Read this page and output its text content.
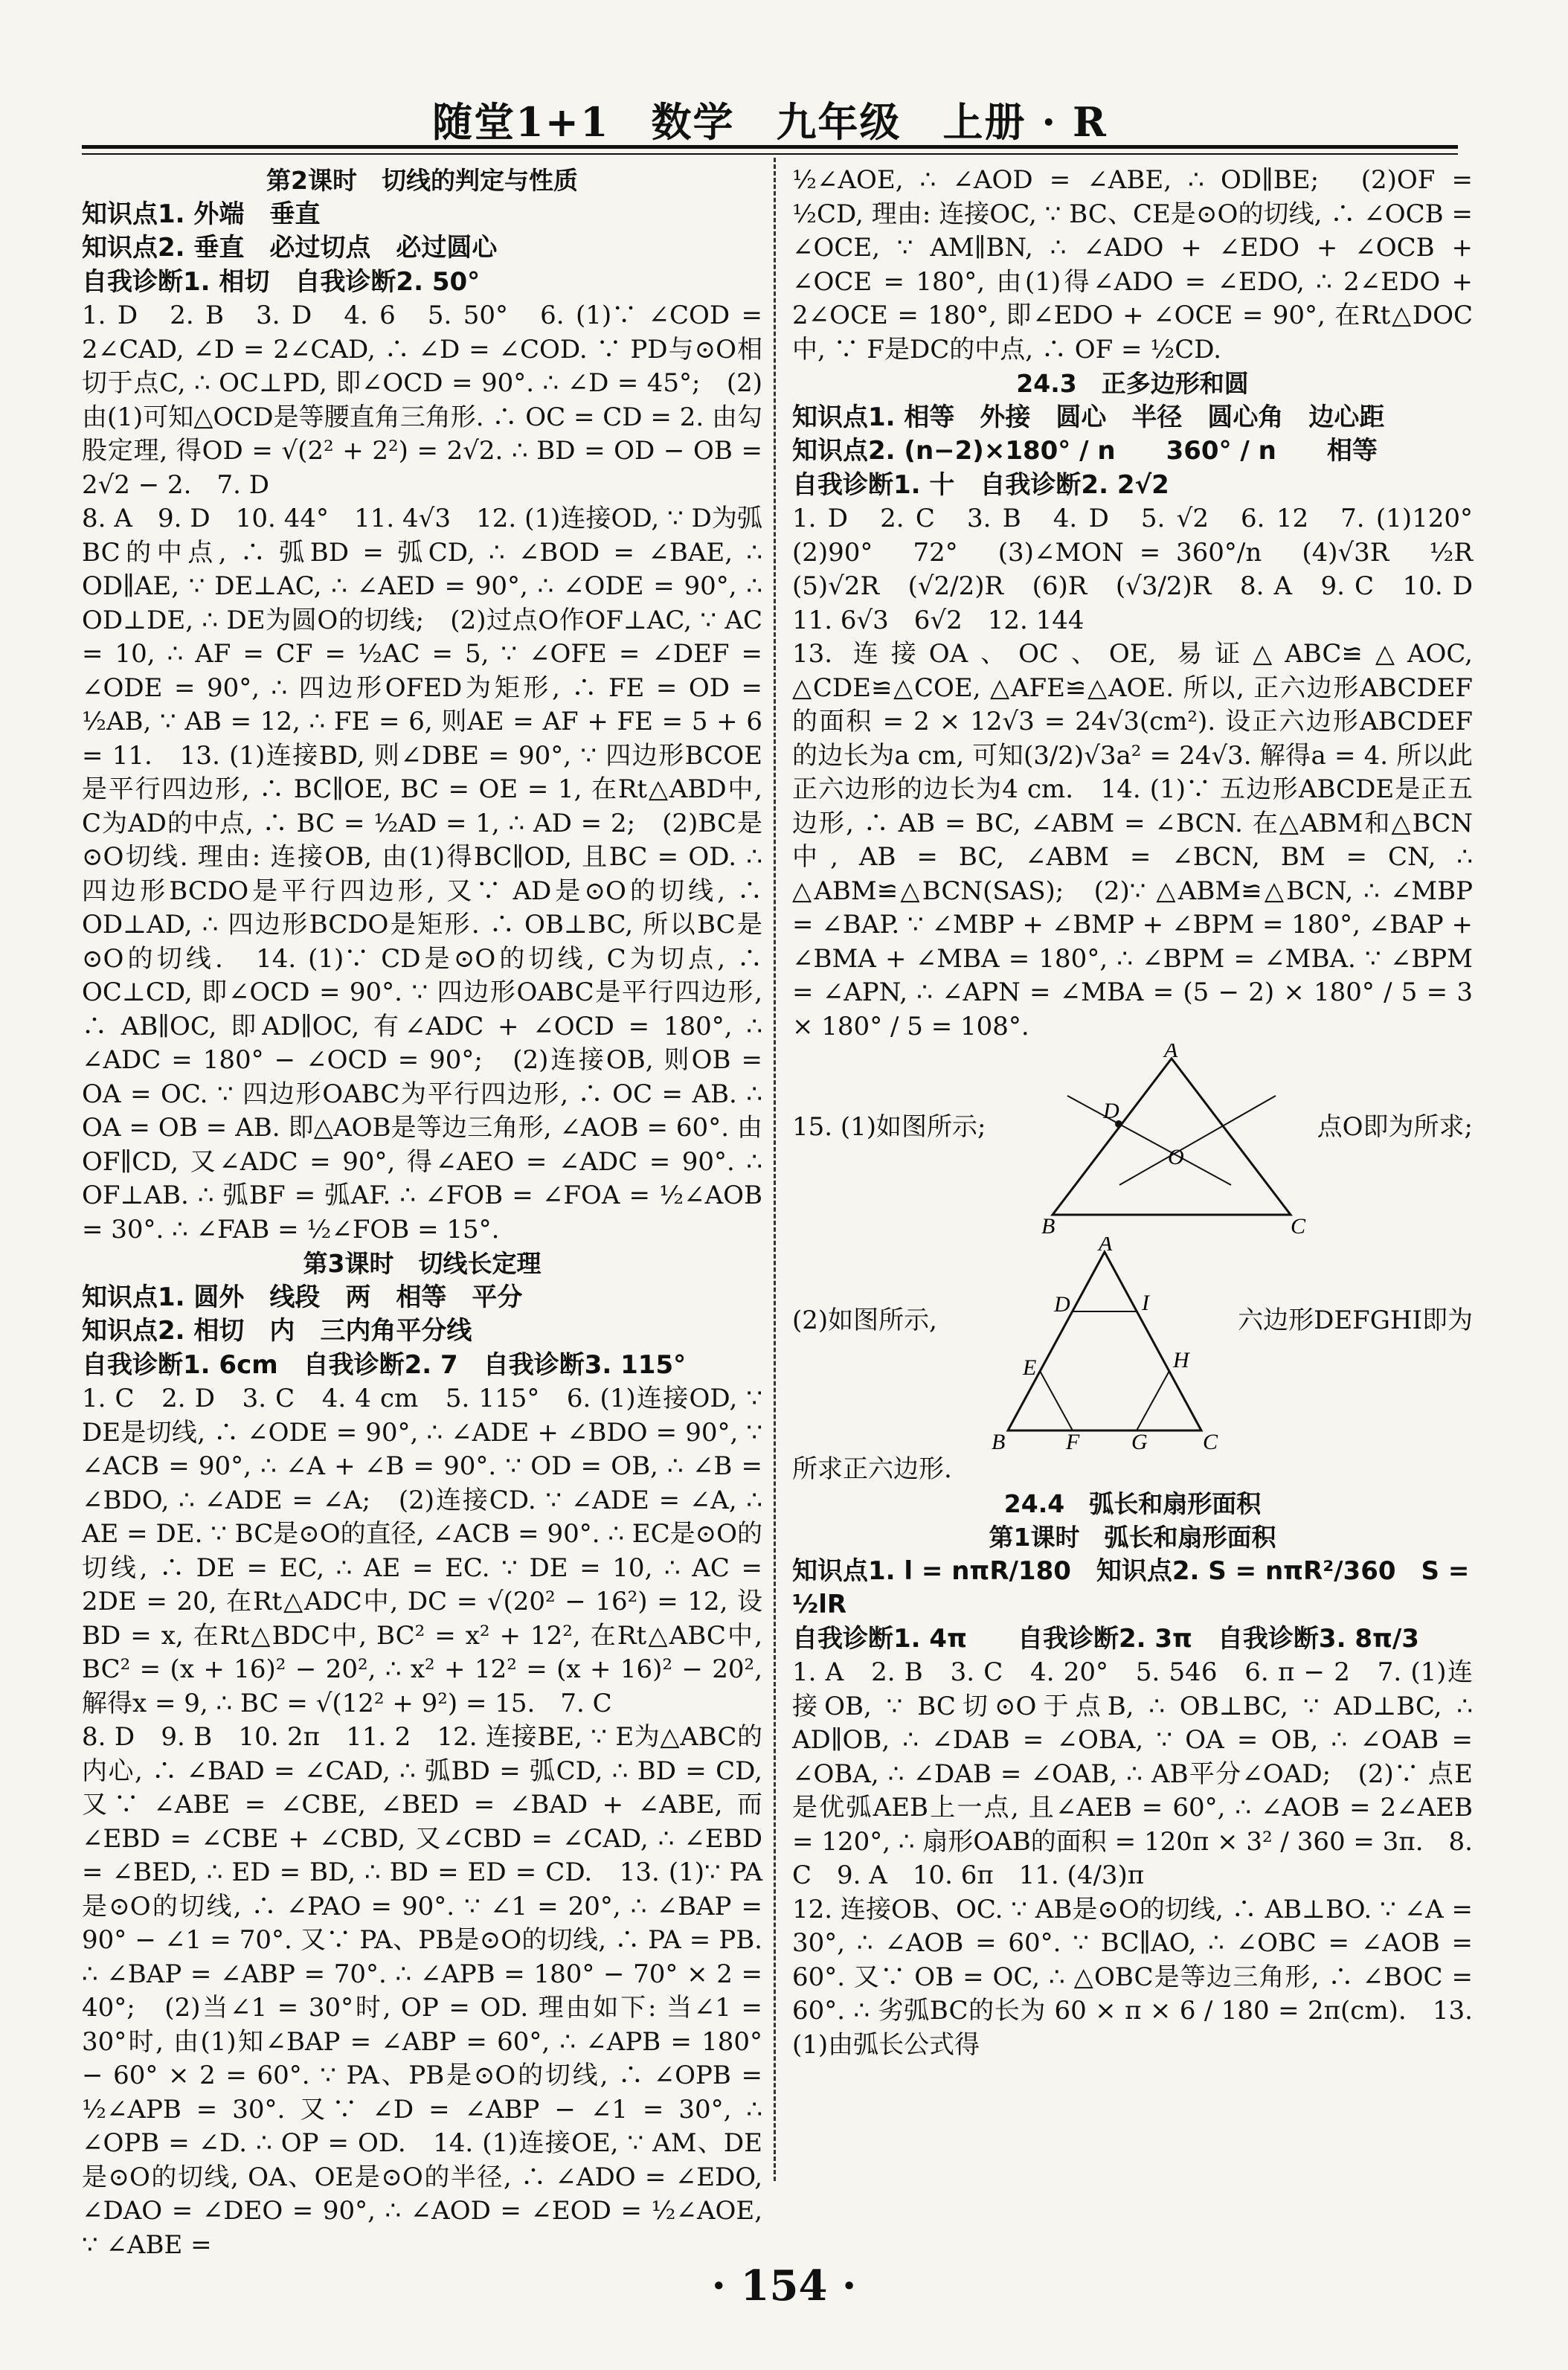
随堂1+1　数学　九年级　上册 · R
第2课时　切线的判定与性质
知识点1. 外端　垂直
知识点2. 垂直　必过切点　必过圆心
自我诊断1. 相切　自我诊断2. 50°
1. D　2. B　3. D　4. 6　5. 50°　6. (1)∵ ∠COD = 2∠CAD, ∠D = 2∠CAD, ∴ ∠D = ∠COD. ∵ PD与⊙O相切于点C, ∴ OC⊥PD, 即∠OCD = 90°. ∴ ∠D = 45°;　(2)由(1)可知△OCD是等腰直角三角形. ∴ OC = CD = 2. 由勾股定理, 得OD = √(2² + 2²) = 2√2. ∴ BD = OD − OB = 2√2 − 2.　7. D
8. A　9. D　10. 44°　11. 4√3　12. (1)连接OD, ∵ D为弧BC的中点, ∴ 弧BD = 弧CD, ∴ ∠BOD = ∠BAE, ∴ OD∥AE, ∵ DE⊥AC, ∴ ∠AED = 90°, ∴ ∠ODE = 90°, ∴ OD⊥DE, ∴ DE为圆O的切线;　(2)过点O作OF⊥AC, ∵ AC = 10, ∴ AF = CF = ½AC = 5, ∵ ∠OFE = ∠DEF = ∠ODE = 90°, ∴ 四边形OFED为矩形, ∴ FE = OD = ½AB, ∵ AB = 12, ∴ FE = 6, 则AE = AF + FE = 5 + 6 = 11.　13. (1)连接BD, 则∠DBE = 90°, ∵ 四边形BCOE是平行四边形, ∴ BC∥OE, BC = OE = 1, 在Rt△ABD中, C为AD的中点, ∴ BC = ½AD = 1, ∴ AD = 2;　(2)BC是⊙O切线. 理由: 连接OB, 由(1)得BC∥OD, 且BC = OD. ∴ 四边形BCDO是平行四边形, 又∵ AD是⊙O的切线, ∴ OD⊥AD, ∴ 四边形BCDO是矩形. ∴ OB⊥BC, 所以BC是⊙O的切线.　14. (1)∵ CD是⊙O的切线, C为切点, ∴ OC⊥CD, 即∠OCD = 90°. ∵ 四边形OABC是平行四边形, ∴ AB∥OC, 即AD∥OC, 有∠ADC + ∠OCD = 180°, ∴ ∠ADC = 180° − ∠OCD = 90°;　(2)连接OB, 则OB = OA = OC. ∵ 四边形OABC为平行四边形, ∴ OC = AB. ∴ OA = OB = AB. 即△AOB是等边三角形, ∠AOB = 60°. 由OF∥CD, 又∠ADC = 90°, 得∠AEO = ∠ADC = 90°. ∴ OF⊥AB. ∴ 弧BF = 弧AF. ∴ ∠FOB = ∠FOA = ½∠AOB = 30°. ∴ ∠FAB = ½∠FOB = 15°.
第3课时　切线长定理
知识点1. 圆外　线段　两　相等　平分
知识点2. 相切　内　三内角平分线
自我诊断1. 6cm　自我诊断2. 7　自我诊断3. 115°
1. C　2. D　3. C　4. 4 cm　5. 115°　6. (1)连接OD, ∵ DE是切线, ∴ ∠ODE = 90°, ∴ ∠ADE + ∠BDO = 90°, ∵ ∠ACB = 90°, ∴ ∠A + ∠B = 90°. ∵ OD = OB, ∴ ∠B = ∠BDO, ∴ ∠ADE = ∠A;　(2)连接CD. ∵ ∠ADE = ∠A, ∴ AE = DE. ∵ BC是⊙O的直径, ∠ACB = 90°. ∴ EC是⊙O的切线, ∴ DE = EC, ∴ AE = EC. ∵ DE = 10, ∴ AC = 2DE = 20, 在Rt△ADC中, DC = √(20² − 16²) = 12, 设BD = x, 在Rt△BDC中, BC² = x² + 12², 在Rt△ABC中, BC² = (x + 16)² − 20², ∴ x² + 12² = (x + 16)² − 20², 解得x = 9, ∴ BC = √(12² + 9²) = 15.　7. C
8. D　9. B　10. 2π　11. 2　12. 连接BE, ∵ E为△ABC的内心, ∴ ∠BAD = ∠CAD, ∴ 弧BD = 弧CD, ∴ BD = CD, 又∵ ∠ABE = ∠CBE, ∠BED = ∠BAD + ∠ABE, 而∠EBD = ∠CBE + ∠CBD, 又∠CBD = ∠CAD, ∴ ∠EBD = ∠BED, ∴ ED = BD, ∴ BD = ED = CD.　13. (1)∵ PA是⊙O的切线, ∴ ∠PAO = 90°. ∵ ∠1 = 20°, ∴ ∠BAP = 90° − ∠1 = 70°. 又∵ PA、PB是⊙O的切线, ∴ PA = PB. ∴ ∠BAP = ∠ABP = 70°. ∴ ∠APB = 180° − 70° × 2 = 40°;　(2)当∠1 = 30°时, OP = OD. 理由如下: 当∠1 = 30°时, 由(1)知∠BAP = ∠ABP = 60°, ∴ ∠APB = 180° − 60° × 2 = 60°. ∵ PA、PB是⊙O的切线, ∴ ∠OPB = ½∠APB = 30°. 又∵ ∠D = ∠ABP − ∠1 = 30°, ∴ ∠OPB = ∠D. ∴ OP = OD.　14. (1)连接OE, ∵ AM、DE是⊙O的切线, OA、OE是⊙O的半径, ∴ ∠ADO = ∠EDO, ∠DAO = ∠DEO = 90°, ∴ ∠AOD = ∠EOD = ½∠AOE, ∵ ∠ABE =
½∠AOE, ∴ ∠AOD = ∠ABE, ∴ OD∥BE;　(2)OF = ½CD, 理由: 连接OC, ∵ BC、CE是⊙O的切线, ∴ ∠OCB = ∠OCE, ∵ AM∥BN, ∴ ∠ADO + ∠EDO + ∠OCB + ∠OCE = 180°, 由(1)得∠ADO = ∠EDO, ∴ 2∠EDO + 2∠OCE = 180°, 即∠EDO + ∠OCE = 90°, 在Rt△DOC中, ∵ F是DC的中点, ∴ OF = ½CD.
24.3　正多边形和圆
知识点1. 相等　外接　圆心　半径　圆心角　边心距
知识点2. (n−2)×180° / n　　360° / n　　相等
自我诊断1. 十　自我诊断2. 2√2
1. D　2. C　3. B　4. D　5. √2　6. 12　7. (1)120°　(2)90°　72°　(3)∠MON = 360°/n　(4)√3R　½R　(5)√2R　(√2/2)R　(6)R　(√3/2)R　8. A　9. C　10. D　11. 6√3　6√2　12. 144
13. 连接OA、OC、OE, 易证△ABC≌△AOC, △CDE≌△COE, △AFE≌△AOE. 所以, 正六边形ABCDEF的面积 = 2 × 12√3 = 24√3(cm²). 设正六边形ABCDEF的边长为a cm, 可知(3/2)√3a² = 24√3. 解得a = 4. 所以此正六边形的边长为4 cm.　14. (1)∵ 五边形ABCDE是正五边形, ∴ AB = BC, ∠ABM = ∠BCN. 在△ABM和△BCN中, AB = BC, ∠ABM = ∠BCN, BM = CN, ∴ △ABM≌△BCN(SAS);　(2)∵ △ABM≌△BCN, ∴ ∠MBP = ∠BAP. ∵ ∠MBP + ∠BMP + ∠BPM = 180°, ∠BAP + ∠BMA + ∠MBA = 180°, ∴ ∠BPM = ∠MBA. ∵ ∠BPM = ∠APN, ∴ ∠APN = ∠MBA = (5 − 2) × 180° / 5 = 3 × 180° / 5 = 108°.
15. (1)如图所示;	点O即为所求;
A
B	C
D
O
(2)如图所示,	六边形DEFGHI即为
A
B	C
D
E
F G
H
I
所求正六边形.
24.4　弧长和扇形面积
第1课时　弧长和扇形面积
知识点1. l = nπR/180　知识点2. S = nπR²/360　S = ½lR
自我诊断1. 4π　　自我诊断2. 3π　自我诊断3. 8π/3
1. A　2. B　3. C　4. 20°　5. 546　6. π − 2　7. (1)连接OB, ∵ BC切⊙O于点B, ∴ OB⊥BC, ∵ AD⊥BC, ∴ AD∥OB, ∴ ∠DAB = ∠OBA, ∵ OA = OB, ∴ ∠OAB = ∠OBA, ∴ ∠DAB = ∠OAB, ∴ AB平分∠OAD;　(2)∵ 点E是优弧AEB上一点, 且∠AEB = 60°, ∴ ∠AOB = 2∠AEB = 120°, ∴ 扇形OAB的面积 = 120π × 3² / 360 = 3π.　8. C　9. A　10. 6π　11. (4/3)π
12. 连接OB、OC. ∵ AB是⊙O的切线, ∴ AB⊥BO. ∵ ∠A = 30°, ∴ ∠AOB = 60°. ∵ BC∥AO, ∴ ∠OBC = ∠AOB = 60°. 又∵ OB = OC, ∴ △OBC是等边三角形, ∴ ∠BOC = 60°. ∴ 劣弧BC的长为 60 × π × 6 / 180 = 2π(cm).　13. (1)由弧长公式得
· 154 ·
